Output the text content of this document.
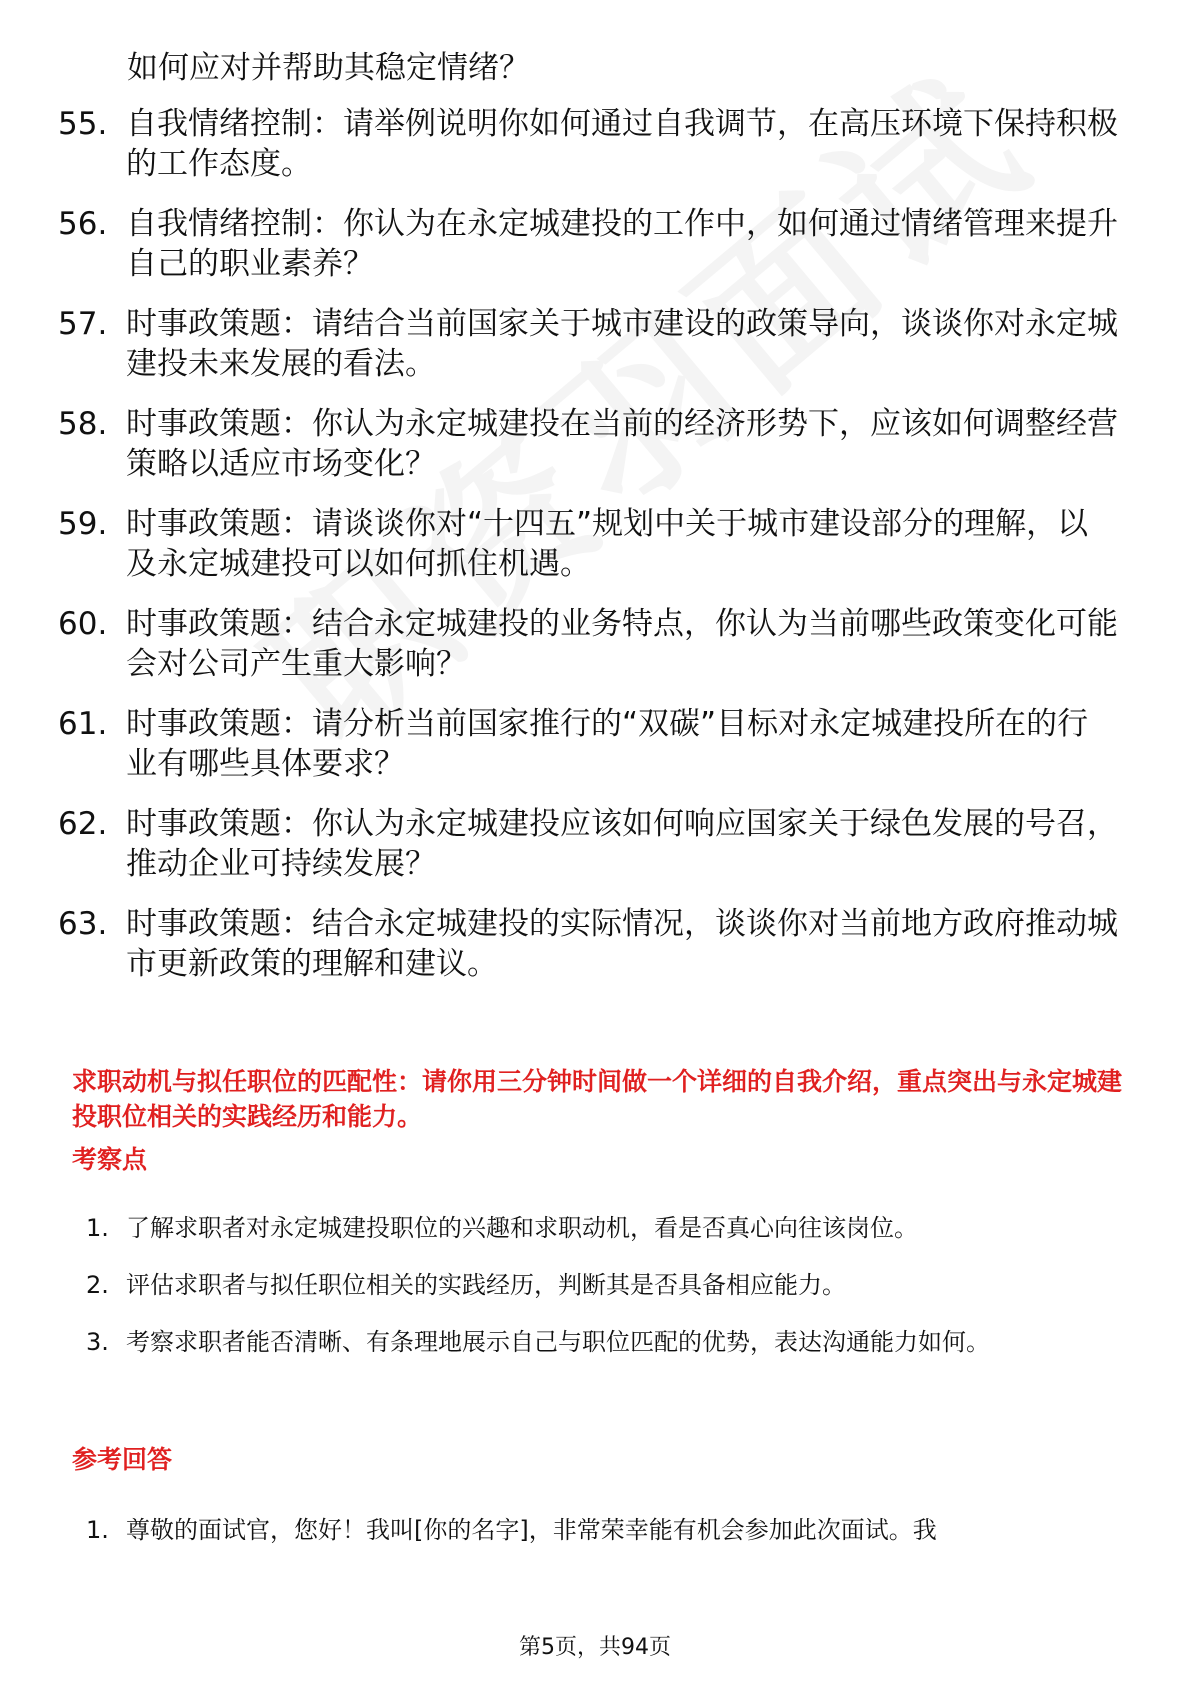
如何应对并帮助其稳定情绪？
55. 自我情绪控制：请举例说明你如何通过自我调节，在高压环境下保持积极的工作态度。
56. 自我情绪控制：你认为在永定城建投的工作中，如何通过情绪管理来提升自己的职业素养？
57. 时事政策题：请结合当前国家关于城市建设的政策导向，谈谈你对永定城建投未来发展的看法。
58. 时事政策题：你认为永定城建投在当前的经济形势下，应该如何调整经营策略以适应市场变化？
59. 时事政策题：请谈谈你对“十四五”规划中关于城市建设部分的理解，以及永定城建投可以如何抓住机遇。
60. 时事政策题：结合永定城建投的业务特点，你认为当前哪些政策变化可能会对公司产生重大影响？
61. 时事政策题：请分析当前国家推行的“双碳”目标对永定城建投所在的行业有哪些具体要求？
62. 时事政策题：你认为永定城建投应该如何响应国家关于绿色发展的号召，推动企业可持续发展？
63. 时事政策题：结合永定城建投的实际情况，谈谈你对当前地方政府推动城市更新政策的理解和建议。
求职动机与拟任职位的匹配性：请你用三分钟时间做一个详细的自我介绍，重点突出与永定城建投职位相关的实践经历和能力。
考察点
1. 了解求职者对永定城建投职位的兴趣和求职动机，看是否真心向往该岗位。
2. 评估求职者与拟任职位相关的实践经历，判断其是否具备相应能力。
3. 考察求职者能否清晰、有条理地展示自己与职位匹配的优势，表达沟通能力如何。
参考回答
1. 尊敬的面试官，您好！我叫[你的名字]，非常荣幸能有机会参加此次面试。我
第5页，共94页
